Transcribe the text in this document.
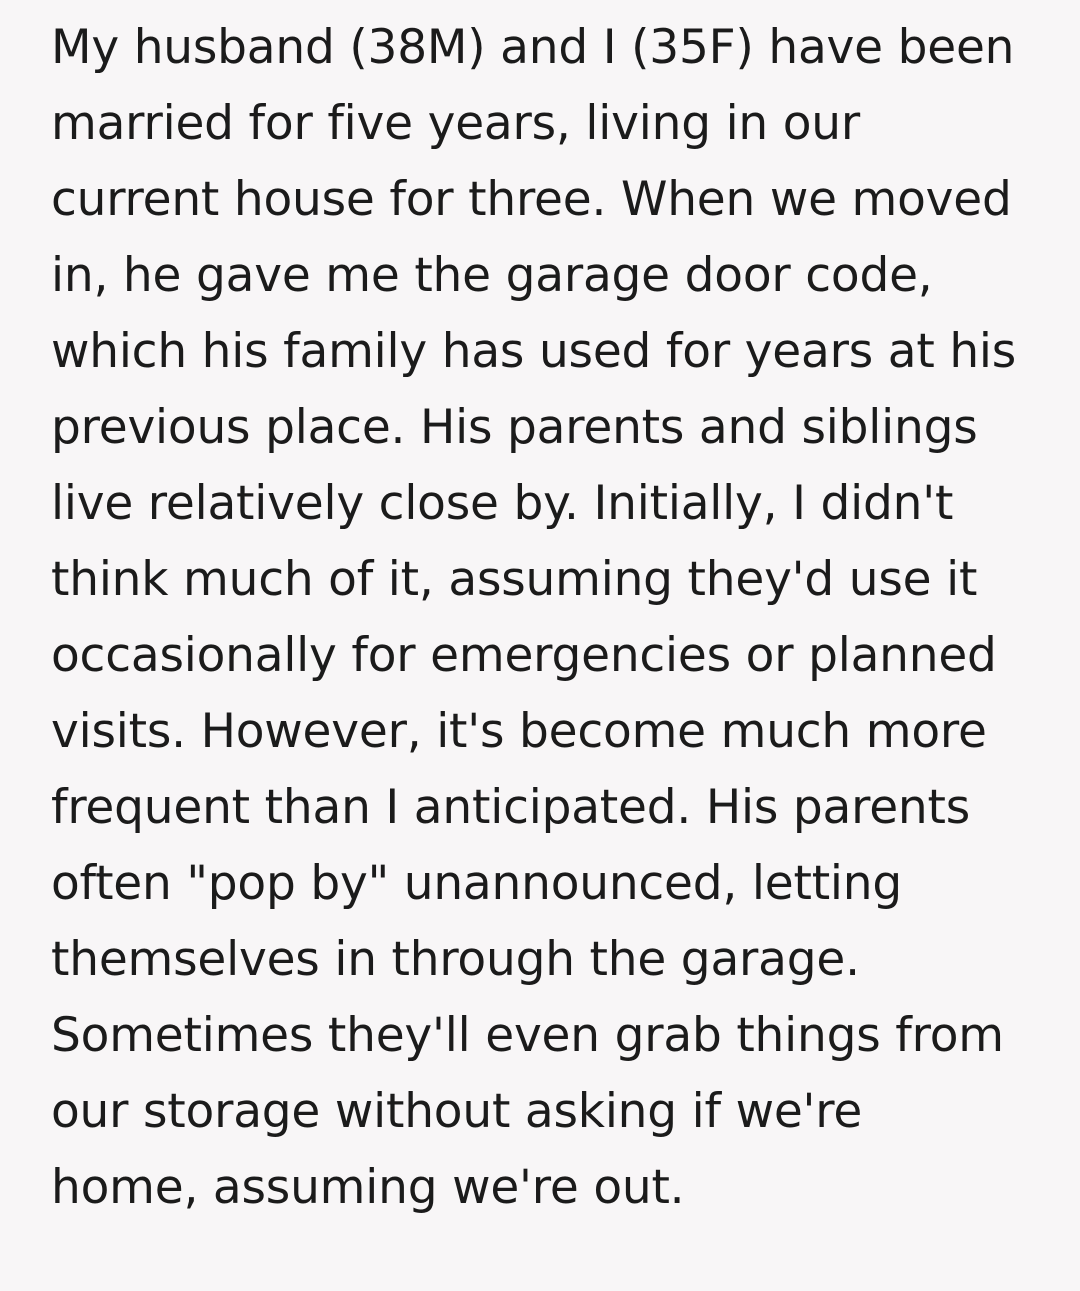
My husband (38M) and I (35F) have been
married for five years, living in our
current house for three. When we moved
in, he gave me the garage door code,
which his family has used for years at his
previous place. His parents and siblings
live relatively close by. Initially, I didn't
think much of it, assuming they'd use it
occasionally for emergencies or planned
visits. However, it's become much more
frequent than I anticipated. His parents
often "pop by" unannounced, letting
themselves in through the garage.
Sometimes they'll even grab things from
our storage without asking if we're
home, assuming we're out.
